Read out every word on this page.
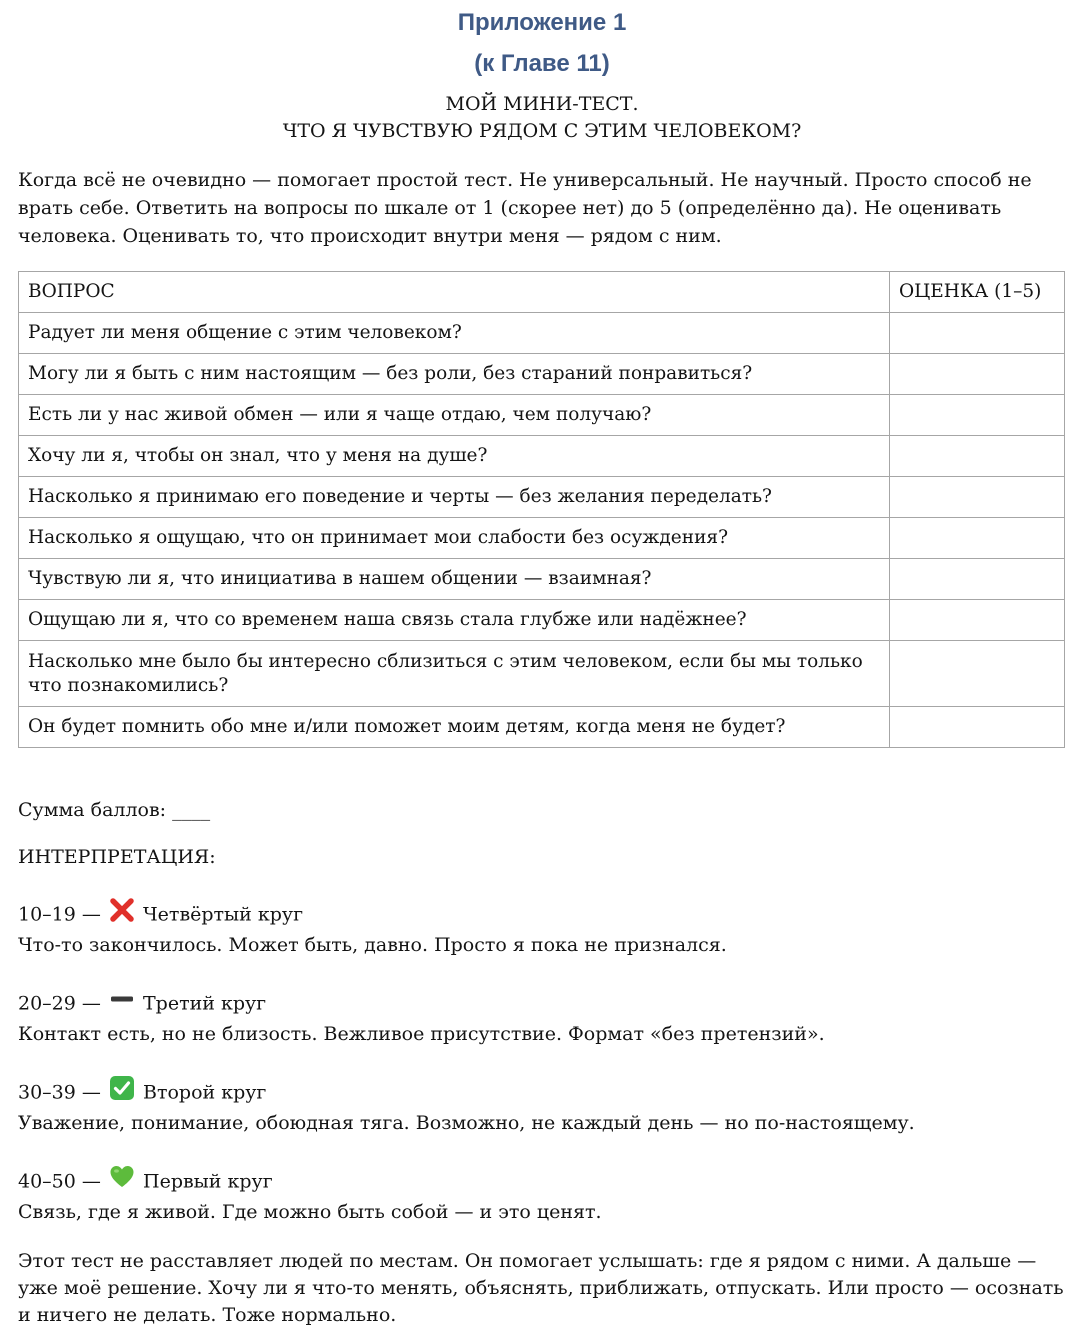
Приложение 1
(к Главе 11)
МОЙ МИНИ-ТЕСТ.
ЧТО Я ЧУВСТВУЮ РЯДОМ С ЭТИМ ЧЕЛОВЕКОМ?
Когда всё не очевидно — помогает простой тест. Не универсальный. Не научный. Просто способ не врать себе. Ответить на вопросы по шкале от 1 (скорее нет) до 5 (определённо да). Не оценивать человека. Оценивать то, что происходит внутри меня — рядом с ним.
ВОПРОС	ОЦЕНКА (1–5)
Радует ли меня общение с этим человеком?	
Могу ли я быть с ним настоящим — без роли, без стараний понравиться?	
Есть ли у нас живой обмен — или я чаще отдаю, чем получаю?	
Хочу ли я, чтобы он знал, что у меня на душе?	
Насколько я принимаю его поведение и черты — без желания переделать?	
Насколько я ощущаю, что он принимает мои слабости без осуждения?	
Чувствую ли я, что инициатива в нашем общении — взаимная?	
Ощущаю ли я, что со временем наша связь стала глубже или надёжнее?	
Насколько мне было бы интересно сблизиться с этим человеком, если бы мы только что познакомились?	
Он будет помнить обо мне и/или поможет моим детям, когда меня не будет?	
Сумма баллов: ____
ИНТЕРПРЕТАЦИЯ:
10–19 — Четвёртый круг
Что-то закончилось. Может быть, давно. Просто я пока не признался.
20–29 — Третий круг
Контакт есть, но не близость. Вежливое присутствие. Формат «без претензий».
30–39 — Второй круг
Уважение, понимание, обоюдная тяга. Возможно, не каждый день — но по-настоящему.
40–50 — Первый круг
Связь, где я живой. Где можно быть собой — и это ценят.
Этот тест не расставляет людей по местам. Он помогает услышать: где я рядом с ними. А дальше — уже моё решение. Хочу ли я что-то менять, объяснять, приближать, отпускать. Или просто — осознать и ничего не делать. Тоже нормально.
